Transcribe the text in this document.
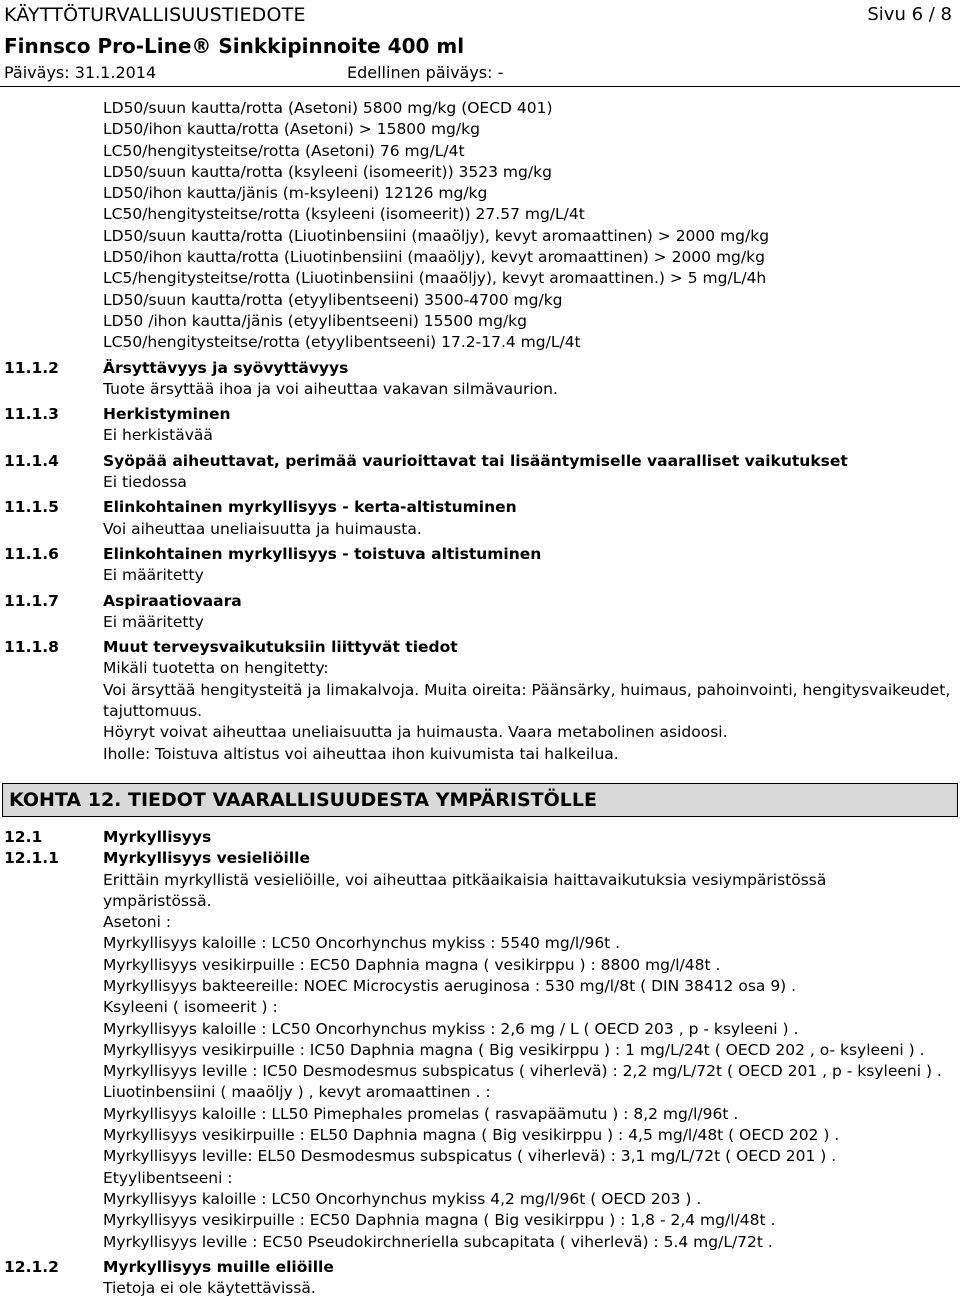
KÄYTTÖTURVALLISUUSTIEDOTE	Sivu 6 / 8
Finnsco Pro-Line® Sinkkipinnoite 400 ml
Päiväys: 31.1.2014	Edellinen päiväys: -
LD50/suun kautta/rotta (Asetoni) 5800 mg/kg (OECD 401)
LD50/ihon kautta/rotta (Asetoni) > 15800 mg/kg
LC50/hengitysteitse/rotta (Asetoni) 76 mg/L/4t
LD50/suun kautta/rotta (ksyleeni (isomeerit)) 3523 mg/kg
LD50/ihon kautta/jänis (m-ksyleeni) 12126 mg/kg
LC50/hengitysteitse/rotta (ksyleeni (isomeerit)) 27.57 mg/L/4t
LD50/suun kautta/rotta (Liuotinbensiini (maaöljy), kevyt aromaattinen) > 2000 mg/kg
LD50/ihon kautta/rotta (Liuotinbensiini (maaöljy), kevyt aromaattinen) > 2000 mg/kg
LC5/hengitysteitse/rotta (Liuotinbensiini (maaöljy), kevyt aromaattinen.) > 5 mg/L/4h
LD50/suun kautta/rotta (etyylibentseeni) 3500-4700 mg/kg
LD50 /ihon kautta/jänis (etyylibentseeni) 15500 mg/kg
LC50/hengitysteitse/rotta (etyylibentseeni) 17.2-17.4 mg/L/4t
11.1.2	Ärsyttävyys ja syövyttävyys
Tuote ärsyttää ihoa ja voi aiheuttaa vakavan silmävaurion.
11.1.3	Herkistyminen
Ei herkistävää
11.1.4	Syöpää aiheuttavat, perimää vaurioittavat tai lisääntymiselle vaaralliset vaikutukset
Ei tiedossa
11.1.5	Elinkohtainen myrkyllisyys - kerta-altistuminen
Voi aiheuttaa uneliaisuutta ja huimausta.
11.1.6	Elinkohtainen myrkyllisyys - toistuva altistuminen
Ei määritetty
11.1.7	Aspiraatiovaara
Ei määritetty
11.1.8	Muut terveysvaikutuksiin liittyvät tiedot
Mikäli tuotetta on hengitetty:
Voi ärsyttää hengitysteitä ja limakalvoja. Muita oireita: Päänsärky, huimaus, pahoinvointi, hengitysvaikeudet, tajuttomuus.
Höyryt voivat aiheuttaa uneliaisuutta ja huimausta. Vaara metabolinen asidoosi.
Iholle: Toistuva altistus voi aiheuttaa ihon kuivumista tai halkeilua.
KOHTA 12. TIEDOT VAARALLISUUDESTA YMPÄRISTÖLLE
12.1	Myrkyllisyys
12.1.1	Myrkyllisyys vesieliöille
Erittäin myrkyllistä vesieliöille, voi aiheuttaa pitkäaikaisia haittavaikutuksia vesiympäristössä ympäristössä.
Asetoni :
Myrkyllisyys kaloille : LC50 Oncorhynchus mykiss : 5540 mg/l/96t .
Myrkyllisyys vesikirpuille : EC50 Daphnia magna ( vesikirppu ) : 8800 mg/l/48t .
Myrkyllisyys bakteereille: NOEC Microcystis aeruginosa : 530 mg/l/8t ( DIN 38412 osa 9) .
Ksyleeni ( isomeerit ) :
Myrkyllisyys kaloille : LC50 Oncorhynchus mykiss : 2,6 mg / L ( OECD 203 , p - ksyleeni ) .
Myrkyllisyys vesikirpuille : IC50 Daphnia magna ( Big vesikirppu ) : 1 mg/L/24t ( OECD 202 , o- ksyleeni ) .
Myrkyllisyys leville : IC50 Desmodesmus subspicatus ( viherlevä) : 2,2 mg/L/72t ( OECD 201 , p - ksyleeni ) .
Liuotinbensiini ( maaöljy ) , kevyt aromaattinen . :
Myrkyllisyys kaloille : LL50 Pimephales promelas ( rasvapäämutu ) : 8,2 mg/l/96t .
Myrkyllisyys vesikirpuille : EL50 Daphnia magna ( Big vesikirppu ) : 4,5 mg/l/48t ( OECD 202 ) .
Myrkyllisyys leville: EL50 Desmodesmus subspicatus ( viherlevä) : 3,1 mg/L/72t ( OECD 201 ) .
Etyylibentseeni :
Myrkyllisyys kaloille : LC50 Oncorhynchus mykiss 4,2 mg/l/96t ( OECD 203 ) .
Myrkyllisyys vesikirpuille : EC50 Daphnia magna ( Big vesikirppu ) : 1,8 - 2,4 mg/l/48t .
Myrkyllisyys leville : EC50 Pseudokirchneriella subcapitata ( viherlevä) : 5.4 mg/L/72t .
12.1.2	Myrkyllisyys muille eliöille
Tietoja ei ole käytettävissä.
